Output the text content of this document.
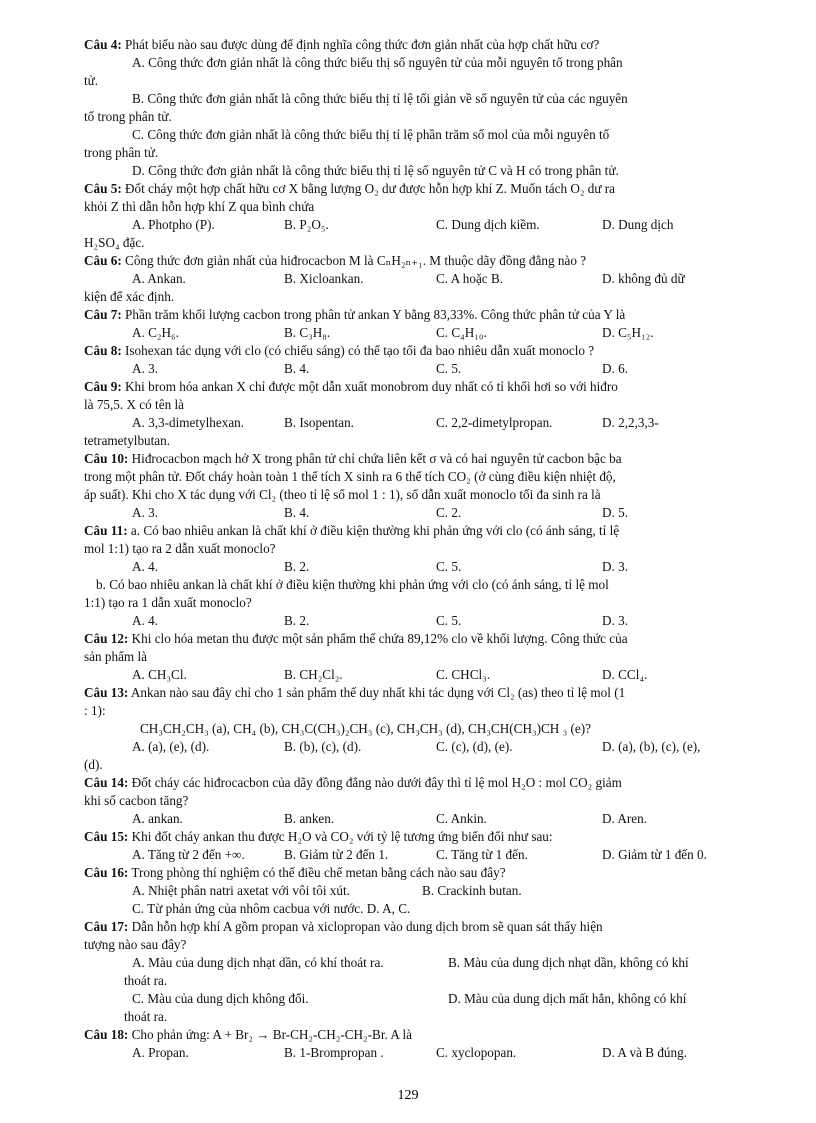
Câu 4: Phát biểu nào sau được dùng để định nghĩa công thức đơn giản nhất của hợp chất hữu cơ?
A. Công thức đơn giản nhất là công thức biểu thị số nguyên tử của mỗi nguyên tố trong phân
tử.
B. Công thức đơn giản nhất là công thức biểu thị tỉ lệ tối giản về số nguyên tử của các nguyên
tố trong phân tử.
C. Công thức đơn giản nhất là công thức biểu thị tỉ lệ phần trăm số mol của mỗi nguyên tố
trong phân tử.
D. Công thức đơn giản nhất là công thức biểu thị tỉ lệ số nguyên tử C và H có trong phân tử.
Câu 5: Đốt cháy một hợp chất hữu cơ X bằng lượng O₂ dư được hỗn hợp khí Z. Muốn tách O₂ dư ra
khỏi Z thì dẫn hỗn hợp khí Z qua bình chứa
A. Photpho (P).	B. P₂O₅.	C. Dung dịch kiềm.	D. Dung dịch
H₂SO₄ đặc.
Câu 6: Công thức đơn giản nhất của hiđrocacbon M là CₙH₂ₙ₊₁. M thuộc dãy đồng đẳng nào ?
A. Ankan.	B. Xicloankan.	C. A hoặc B.	D. không đủ dữ
kiện để xác định.
Câu 7: Phần trăm khối lượng cacbon trong phân tử ankan Y bằng 83,33%. Công thức phân tử của Y là
A. C₂H₆.	B. C₃H₈.	C. C₄H₁₀.	D. C₅H₁₂.
Câu 8: Isohexan tác dụng với clo (có chiếu sáng) có thể tạo tối đa bao nhiêu dẫn xuất monoclo ?
A. 3.	B. 4.	C. 5.	D. 6.
Câu 9: Khi brom hóa ankan X chỉ được một dẫn xuất monobrom duy nhất có tỉ khối hơi so với hiđro
là 75,5. X có tên là
A. 3,3-dimetylhexan.	B. Isopentan.	C. 2,2-dimetylpropan.	D. 2,2,3,3-
tetrametylbutan.
Câu 10: Hiđrocacbon mạch hở X trong phân tử chỉ chứa liên kết σ và có hai nguyên tử cacbon bậc ba
trong một phân tử. Đốt cháy hoàn toàn 1 thể tích X sinh ra 6 thể tích CO₂ (ở cùng điều kiện nhiệt độ,
áp suất). Khi cho X tác dụng với Cl₂ (theo tỉ lệ số mol 1 : 1), số dẫn xuất monoclo tối đa sinh ra là
A. 3.	B. 4.	C. 2.	D. 5.
Câu 11: a. Có bao nhiêu ankan là chất khí ở điều kiện thường khi phản ứng với clo (có ánh sáng, tỉ lệ
mol 1:1) tạo ra 2 dẫn xuất monoclo?
A. 4.	B. 2.	C. 5.	D. 3.
b. Có bao nhiêu ankan là chất khí ở điều kiện thường khi phản ứng với clo (có ánh sáng, tỉ lệ mol
1:1) tạo ra 1 dẫn xuất monoclo?
A. 4.	B. 2.	C. 5.	D. 3.
Câu 12: Khi clo hóa metan thu được một sản phẩm thế chứa 89,12% clo về khối lượng. Công thức của
sản phẩm là
A. CH₃Cl.	B. CH₂Cl₂.	C. CHCl₃.	D. CCl₄.
Câu 13: Ankan nào sau đây chỉ cho 1 sản phẩm thế duy nhất khi tác dụng với Cl₂ (as) theo tỉ lệ mol (1
: 1):
CH₃CH₂CH₃ (a), CH₄ (b), CH₃C(CH₃)₂CH₃ (c), CH₃CH₃ (d), CH₃CH(CH₃)CH ₃ (e)?
A. (a), (e), (d).	B. (b), (c), (d).	C. (c), (d), (e).	D. (a), (b), (c), (e),
(d).
Câu 14: Đốt cháy các hiđrocacbon của dãy đồng đẳng nào dưới đây thì tỉ lệ mol H₂O : mol CO₂ giảm
khi số cacbon tăng?
A. ankan.	B. anken.	C. Ankin.	D. Aren.
Câu 15: Khi đốt cháy ankan thu được H₂O và CO₂ với tỷ lệ tương ứng biến đổi như sau:
A. Tăng từ 2 đến +∞.	B. Giảm từ 2 đến 1.	C. Tăng từ 1 đến.	D. Giảm từ 1 đến 0.
Câu 16: Trong phòng thí nghiệm có thể điều chế metan bằng cách nào sau đây?
A. Nhiệt phân natri axetat với vôi tôi xút.	B. Crackinh butan.
C. Từ phản ứng của nhôm cacbua với nước. D. A, C.
Câu 17: Dẫn hỗn hợp khí A gồm propan và xiclopropan vào dung dịch brom sẽ quan sát thấy hiện
tượng nào sau đây?
A. Màu của dung dịch nhạt dần, có khí thoát ra.	B. Màu của dung dịch nhạt dần, không có khí
thoát ra.
C. Màu của dung dịch không đổi.	D. Màu của dung dịch mất hẳn, không có khí
thoát ra.
Câu 18: Cho phản ứng: A + Br₂ → Br-CH₂-CH₂-CH₂-Br. A là
A. Propan.	B. 1-Brompropan .	C. xyclopopan.	D. A và B đúng.
129
